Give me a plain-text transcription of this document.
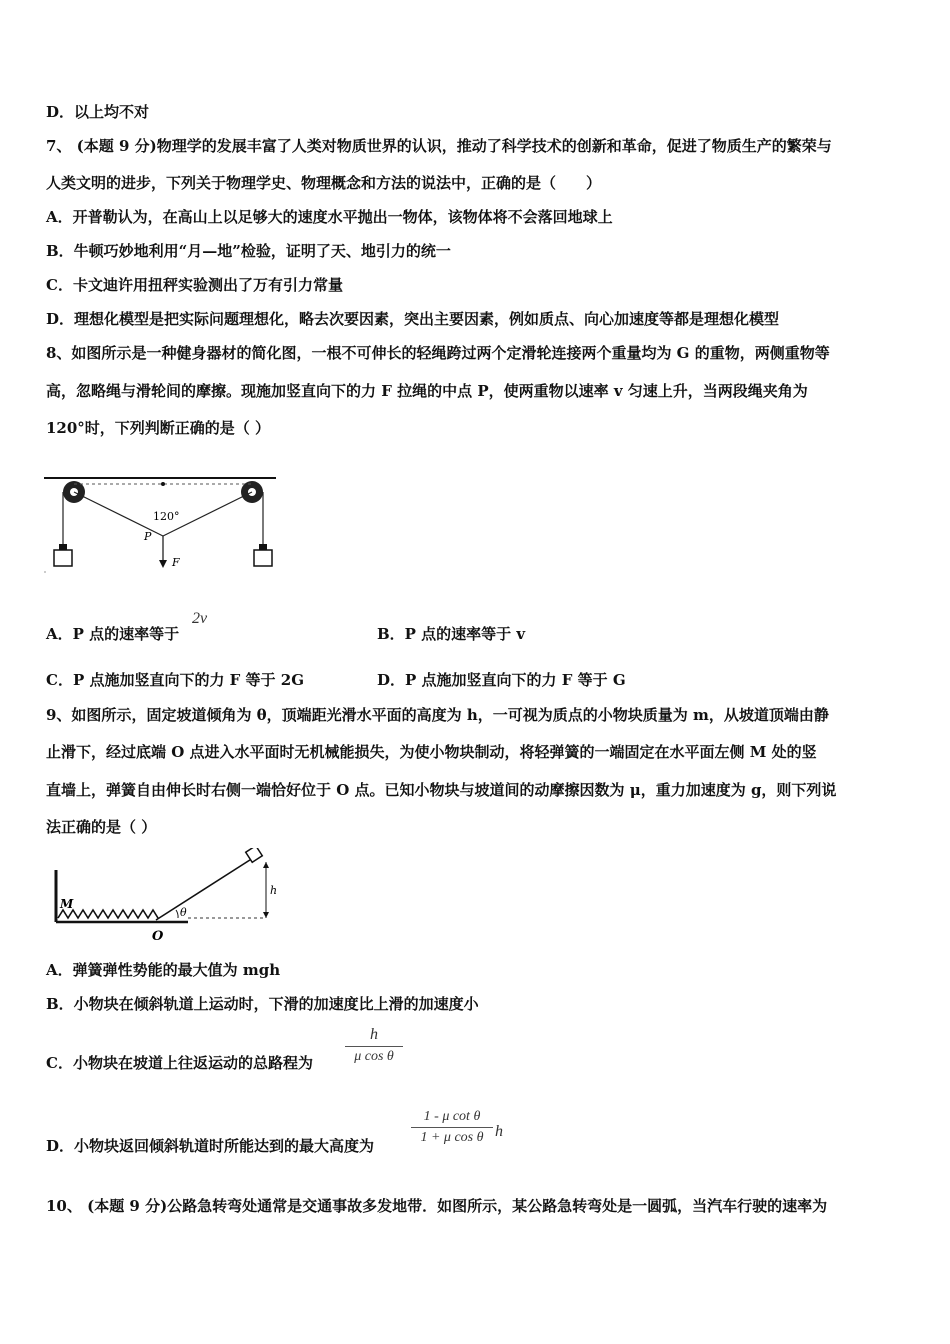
D．以上均不对
7、 (本题 9 分)物理学的发展丰富了人类对物质世界的认识，推动了科学技术的创新和革命，促进了物质生产的繁荣与
人类文明的进步，下列关于物理学史、物理概念和方法的说法中，正确的是（　　）
A．开普勒认为，在高山上以足够大的速度水平抛出一物体，该物体将不会落回地球上
B．牛顿巧妙地利用“月—地”检验，证明了天、地引力的统一
C．卡文迪许用扭秤实验测出了万有引力常量
D．理想化模型是把实际问题理想化，略去次要因素，突出主要因素，例如质点、向心加速度等都是理想化模型
8、如图所示是一种健身器材的简化图，一根不可伸长的轻绳跨过两个定滑轮连接两个重量均为 G 的重物，两侧重物等
高，忽略绳与滑轮间的摩擦。现施加竖直向下的力 F 拉绳的中点 P，使两重物以速率 v 匀速上升，当两段绳夹角为
120°时，下列判断正确的是（ ）
120°
P
F
A．P 点的速率等于
2v
B．P 点的速率等于 v
C．P 点施加竖直向下的力 F 等于 2G	D．P 点施加竖直向下的力 F 等于 G
9、如图所示，固定坡道倾角为 θ，顶端距光滑水平面的高度为 h，一可视为质点的小物块质量为 m，从坡道顶端由静
止滑下，经过底端 O 点进入水平面时无机械能损失，为使小物块制动，将轻弹簧的一端固定在水平面左侧 M 处的竖
直墙上，弹簧自由伸长时右侧一端恰好位于 O 点。已知小物块与坡道间的动摩擦因数为 μ，重力加速度为 g，则下列说
法正确的是（ ）
M
O
h
θ
A．弹簧弹性势能的最大值为 mgh
B．小物块在倾斜轨道上运动时，下滑的加速度比上滑的加速度小
C．小物块在坡道上往返运动的总路程为
h
μ cos θ
D．小物块返回倾斜轨道时所能达到的最大高度为
1 - μ cot θ
1 + μ cos θ h
10、 (本题 9 分)公路急转弯处通常是交通事故多发地带．如图所示，某公路急转弯处是一圆弧，当汽车行驶的速率为
